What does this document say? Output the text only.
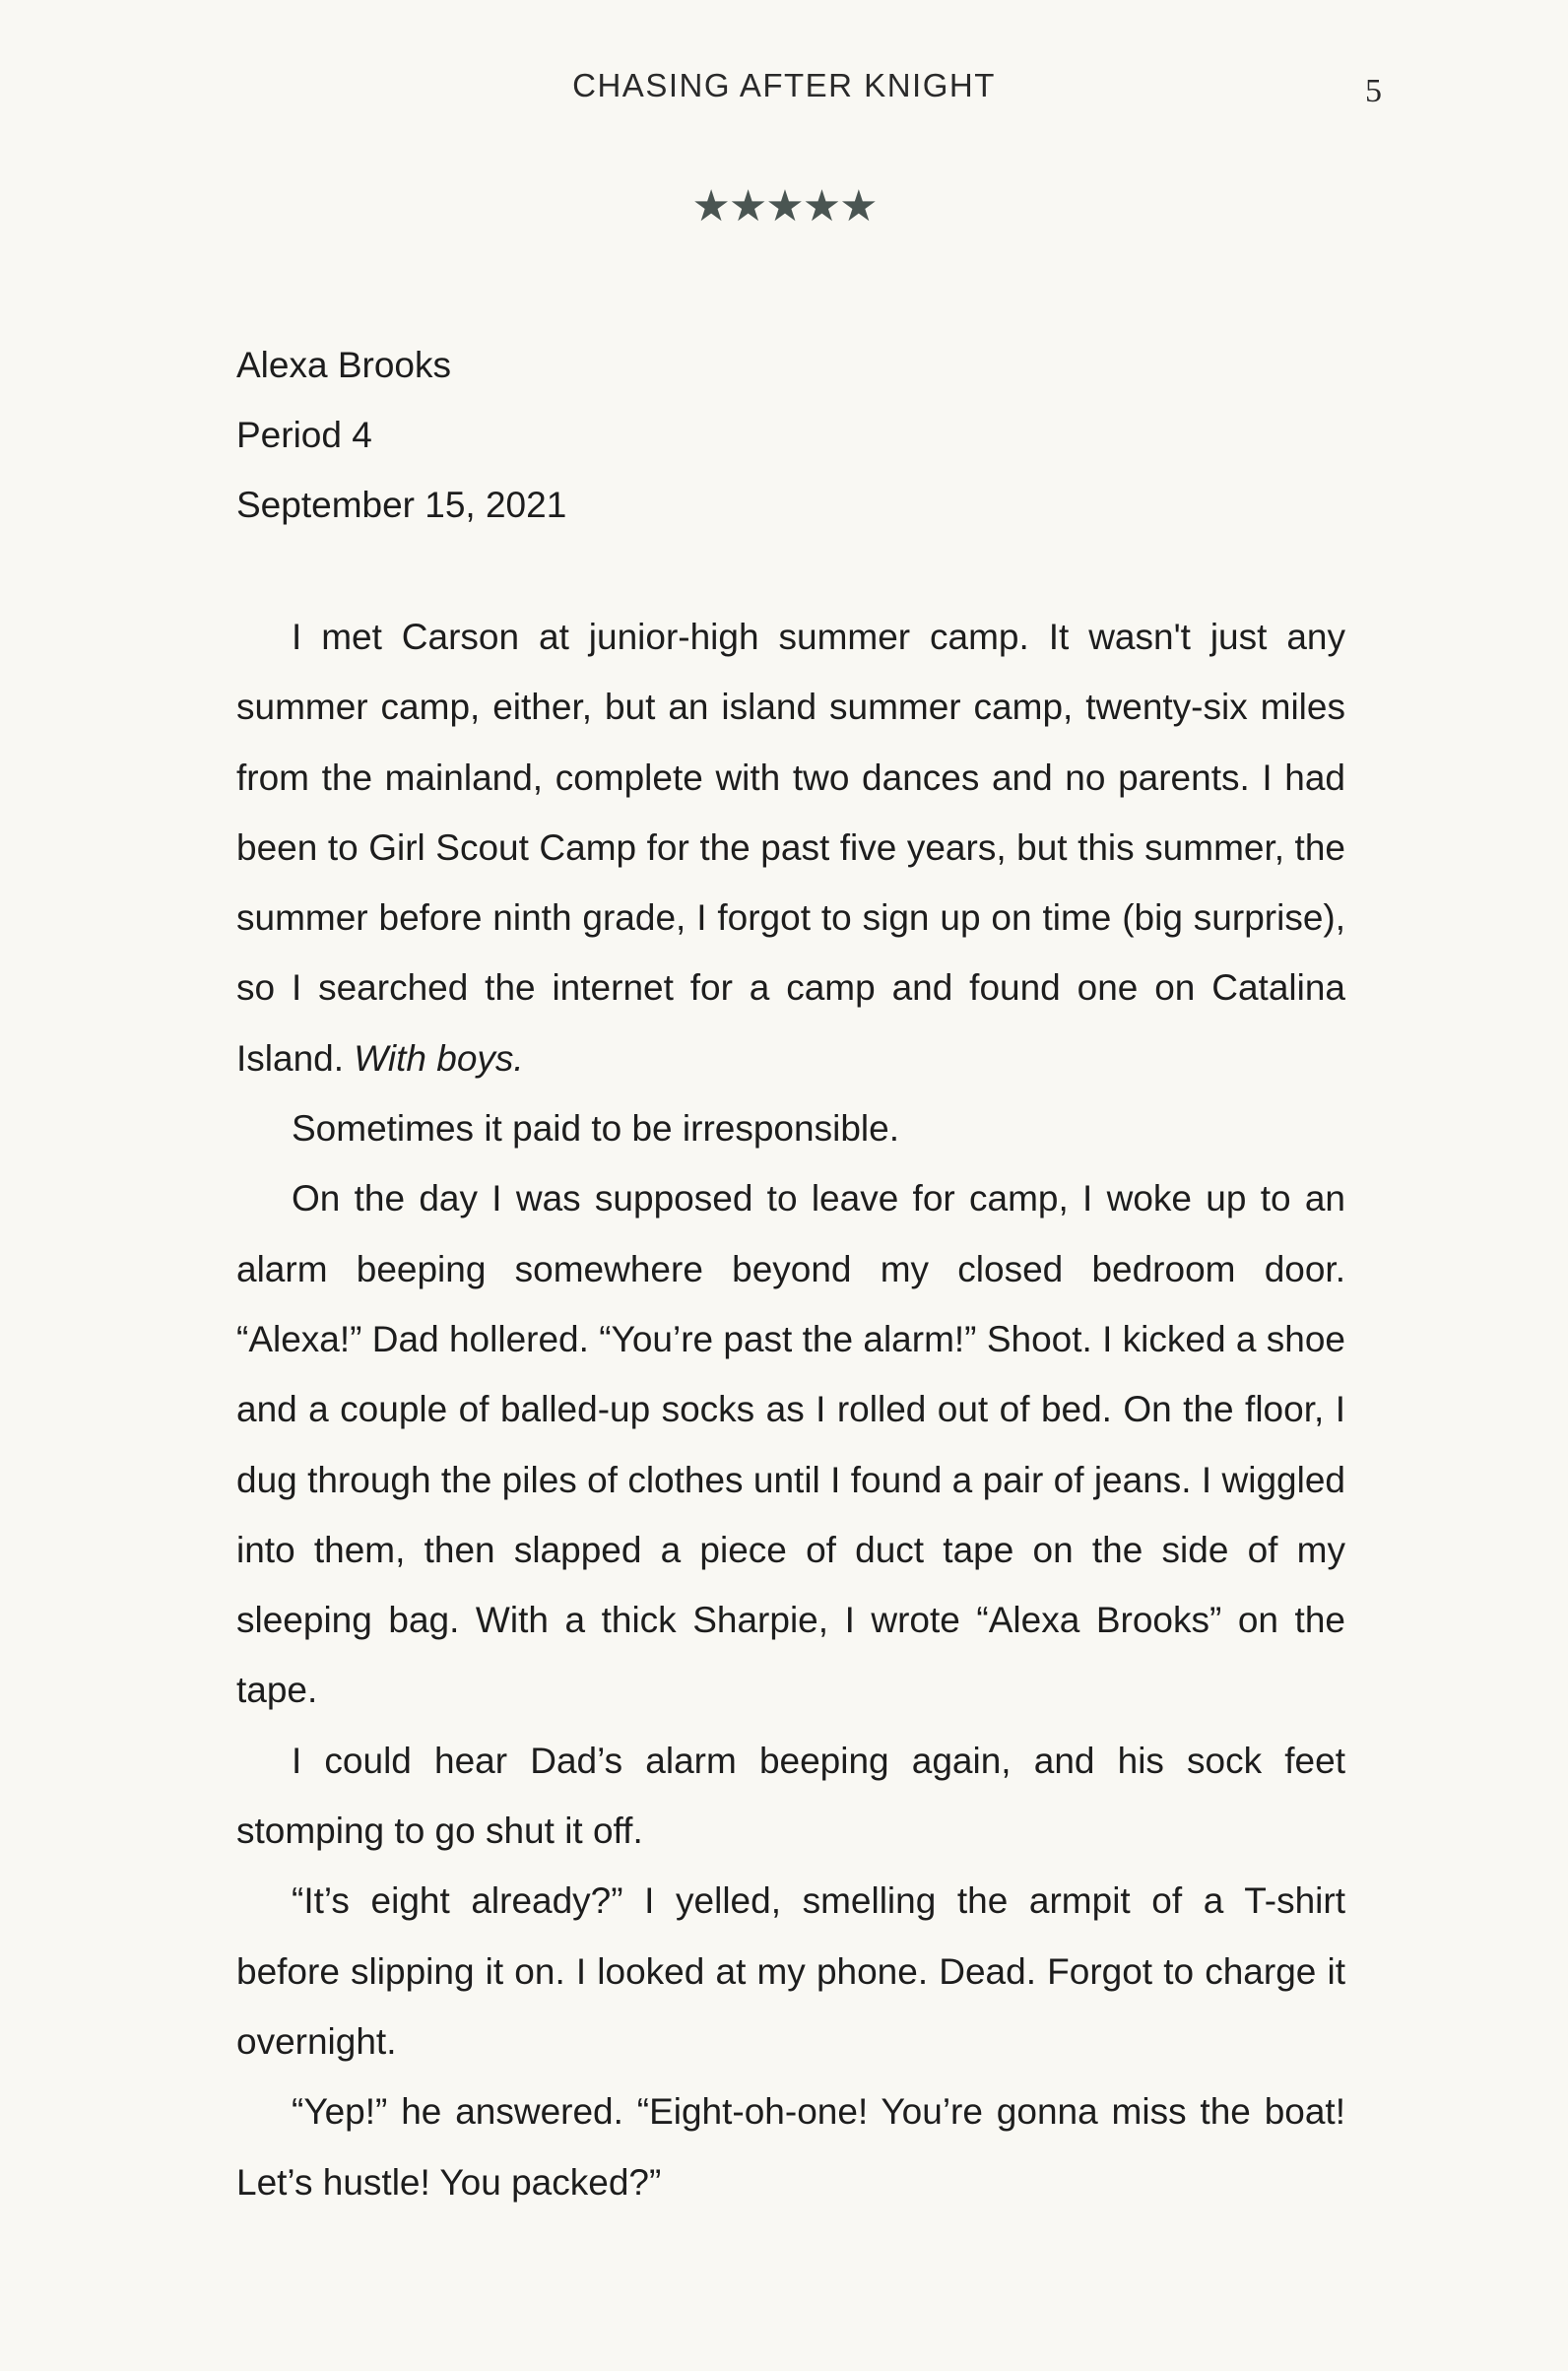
CHASING AFTER KNIGHT	5
★★★★★
Alexa Brooks
Period 4
September 15, 2021

I met Carson at junior-high summer camp. It wasn't just any summer camp, either, but an island summer camp, twenty-six miles from the mainland, complete with two dances and no parents. I had been to Girl Scout Camp for the past five years, but this summer, the summer before ninth grade, I forgot to sign up on time (big surprise), so I searched the internet for a camp and found one on Catalina Island. With boys.

Sometimes it paid to be irresponsible.

On the day I was supposed to leave for camp, I woke up to an alarm beeping somewhere beyond my closed bedroom door. “Alexa!” Dad hollered. “You’re past the alarm!” Shoot. I kicked a shoe and a couple of balled-up socks as I rolled out of bed. On the floor, I dug through the piles of clothes until I found a pair of jeans. I wiggled into them, then slapped a piece of duct tape on the side of my sleeping bag. With a thick Sharpie, I wrote “Alexa Brooks” on the tape.

I could hear Dad’s alarm beeping again, and his sock feet stomping to go shut it off.

“It’s eight already?” I yelled, smelling the armpit of a T-shirt before slipping it on. I looked at my phone. Dead. Forgot to charge it overnight.

“Yep!” he answered. “Eight-oh-one! You’re gonna miss the boat! Let’s hustle! You packed?”
